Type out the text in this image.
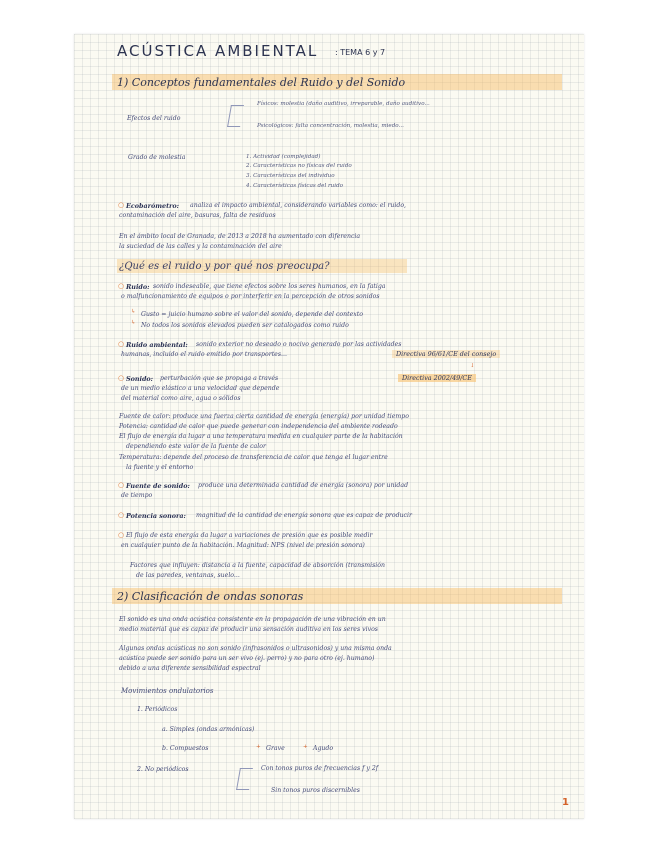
ACÚSTICA AMBIENTAL : TEMA 6 y 7
1) Conceptos fundamentales del Ruido y del Sonido
Efectos del ruido
Físicos: molestia (daño auditivo, irreparable, daño auditivo...
Psicológicos: falta concentración, molestia, miedo...
Grado de molestia	1. Actividad (complejidad)
2. Características no físicas del ruido
3. Características del individuo
4. Características físicas del ruido
○ Ecobarómetro: analiza el impacto ambiental, considerando variables como: el ruido,
contaminación del aire, basuras, falta de residuos
En el ámbito local de Granada, de 2013 a 2018 ha aumentado con diferencia
la suciedad de las calles y la contaminación del aire
¿Qué es el ruido y por qué nos preocupa?
○ Ruido: sonido indeseable, que tiene efectos sobre los seres humanos, en la fatiga
o malfuncionamiento de equipos o por interferir en la percepción de otros sonidos
↳ Gusto = juicio humano sobre el valor del sonido, depende del contexto
↳ No todos los sonidos elevados pueden ser catalogados como ruido
○ Ruido ambiental: sonido exterior no deseado o nocivo generado por las actividades
humanas, incluido el ruido emitido por transportes...	Directiva 96/61/CE del consejo
○ Sonido: perturbación que se propaga a través
de un medio elástico a una velocidad que depende
del material como aire, agua o sólidos
↓
Directiva 2002/49/CE
Fuente de calor: produce una fuerza cierta cantidad de energía (energía) por unidad tiempo
Potencia: cantidad de calor que puede generar con independencia del ambiente rodeado
El flujo de energía da lugar a una temperatura medida en cualquier parte de la habitación
dependiendo este valor de la fuente de calor
Temperatura: depende del proceso de transferencia de calor que tenga el lugar entre
la fuente y el entorno
○ Fuente de sonido: produce una determinada cantidad de energía (sonora) por unidad
de tiempo
○ Potencia sonora: magnitud de la cantidad de energía sonora que es capaz de producir
○ El flujo de esta energía da lugar a variaciones de presión que es posible medir
en cualquier punto de la habitación. Magnitud: NPS (nivel de presión sonora)
Factores que influyen: distancia a la fuente, capacidad de absorción (transmisión
de las paredes, ventanas, suelo...
2) Clasificación de ondas sonoras
El sonido es una onda acústica consistente en la propagación de una vibración en un
medio material que es capaz de producir una sensación auditiva en los seres vivos
Algunas ondas acústicas no son sonido (infrasonidos o ultrasonidos) y una misma onda
acústica puede ser sonido para un ser vivo (ej. perro) y no para otro (ej. humano)
debido a una diferente sensibilidad espectral
Movimientos ondulatorios
1. Periódicos
a. Simples (ondas armónicas)
b. Compuestos	+ Grave	+ Agudo
2. No periódicos	Con tonos puros de frecuencias f y 2f
Sin tonos puros discernibles
1
